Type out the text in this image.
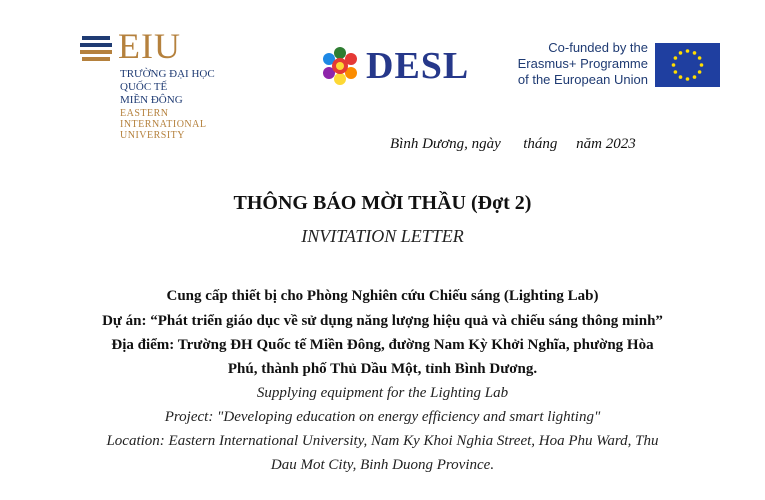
EIU
TRƯỜNG ĐẠI HỌC
QUỐC TẾ
MIỀN ĐÔNG
EASTERN
INTERNATIONAL
UNIVERSITY
DESL	Co-funded by the
Erasmus+ Programme
of the European Union
Bình Dương, ngày      tháng     năm 2023
THÔNG BÁO MỜI THẦU (Đợt 2)
INVITATION LETTER
Cung cấp thiết bị cho Phòng Nghiên cứu Chiếu sáng (Lighting Lab)
Dự án: “Phát triển giáo dục về sử dụng năng lượng hiệu quả và chiếu sáng thông minh”
Địa điểm: Trường ĐH Quốc tế Miền Đông, đường Nam Kỳ Khởi Nghĩa, phường Hòa
Phú, thành phố Thủ Dầu Một, tỉnh Bình Dương.
Supplying equipment for the Lighting Lab
Project: "Developing education on energy efficiency and smart lighting"
Location: Eastern International University, Nam Ky Khoi Nghia Street, Hoa Phu Ward, Thu
Dau Mot City, Binh Duong Province.
